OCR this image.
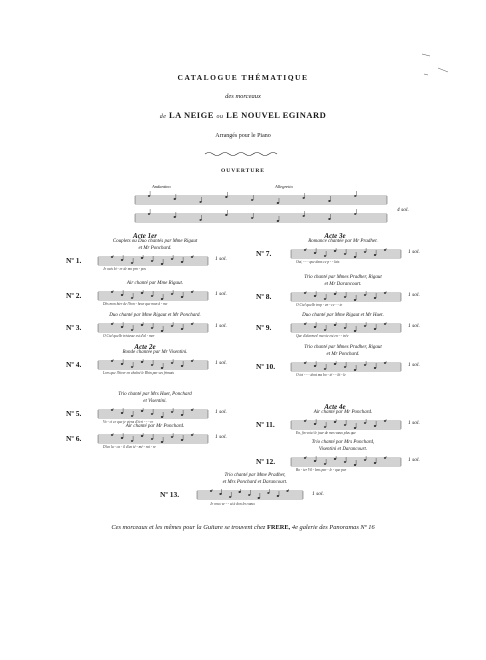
CATALOGUE THÉMATIQUE
des morceaux
de LA NEIGE ou LE NOUVEL EGINARD
Arrangés pour le Piano
OUVERTURE
Andantino	Allegretto
4 sol.
Couplets ou Duo chantés par Mme Rigaut
et Mr Ponchard.
Nº 1.
Je vais bi - er de mo pro - pos
1 sol.
Air chanté par Mme Rigaut.
Nº 2.
Dès mon hier de l'hon - heur que mon â - me
1 sol.
Duo chanté par Mme Rigaut et Mr Ponchard.
Nº 3.
O Ciel quelle tristesse est d'al - mer
1 sol.
Ronde chantée par Mr Visentini.
Nº 4.
Lors que l'hiver en chaîné le Rhin par ses frimats
1 sol.
Trio chanté par Mrs Huet, Ponchard
et Visentini.
Nº 5.
Vo - ci ce que je viens d'écri - - - re
1 sol.
Air chanté par Mr Ponchard.
Nº 6.
D'un lu - ca - il d'un té - mé - rai - re
1 sol.
Romance chantée par Mr Pradher.
Nº 7.
Oui, - - - que dans ce p - - lais
1 sol.
Trio chanté par Mmes Pradher, Rigaut
et Mr Darancourt.
Nº 8.
O Ciel quelle trop - en - ce - - te
1 sol.
Duo chanté par Mme Rigaut et Mr Huet.
Nº 9.
Que d'alarmes! ma vie est en - - trée
1 sol.
Trio chanté par Mmes Pradher, Rigaut
et Mr Ponchard.
Nº 10.
O toi - - - dont ma bo - té - - lit - le
1 sol.
Air chanté par Mr Ponchard.
Nº 11.
En, fin voici le jour de mes vœux plus que
1 sol.
Trio chanté par Mrs Ponchard,
Visentini et Darancourt.
Nº 12.
Bo - ter Vil - lens par - le - que par
1 sol.
Acte 1er	Acte 3e
Acte 2e
Acte 4e
Trio chanté par Mme Pradher,
et Mrs Ponchard et Darancourt.
Nº 13.
Je veux ve - - ui à don les vœux
1 sol.
Ces morceaux et les mêmes pour la Guitare se trouvent chez FRERE, 4e galerie des Panoramas Nº 16
